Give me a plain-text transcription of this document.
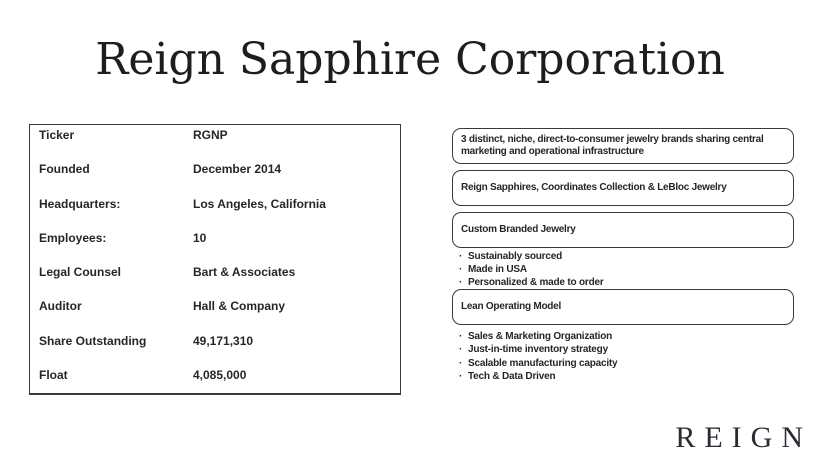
Reign Sapphire Corporation
Ticker	RGNP
Founded	December 2014
Headquarters:	Los Angeles, California
Employees:	10
Legal Counsel	Bart & Associates
Auditor	Hall & Company
Share Outstanding	49,171,310
Float	4,085,000
3 distinct, niche, direct-to-consumer jewelry brands sharing central marketing and operational infrastructure
Reign Sapphires, Coordinates Collection & LeBloc Jewelry
Custom Branded Jewelry
· Sustainably sourced
· Made in USA
· Personalized & made to order
Lean Operating Model
· Sales & Marketing Organization
· Just-in-time inventory strategy
· Scalable manufacturing capacity
· Tech & Data Driven
REIGN
